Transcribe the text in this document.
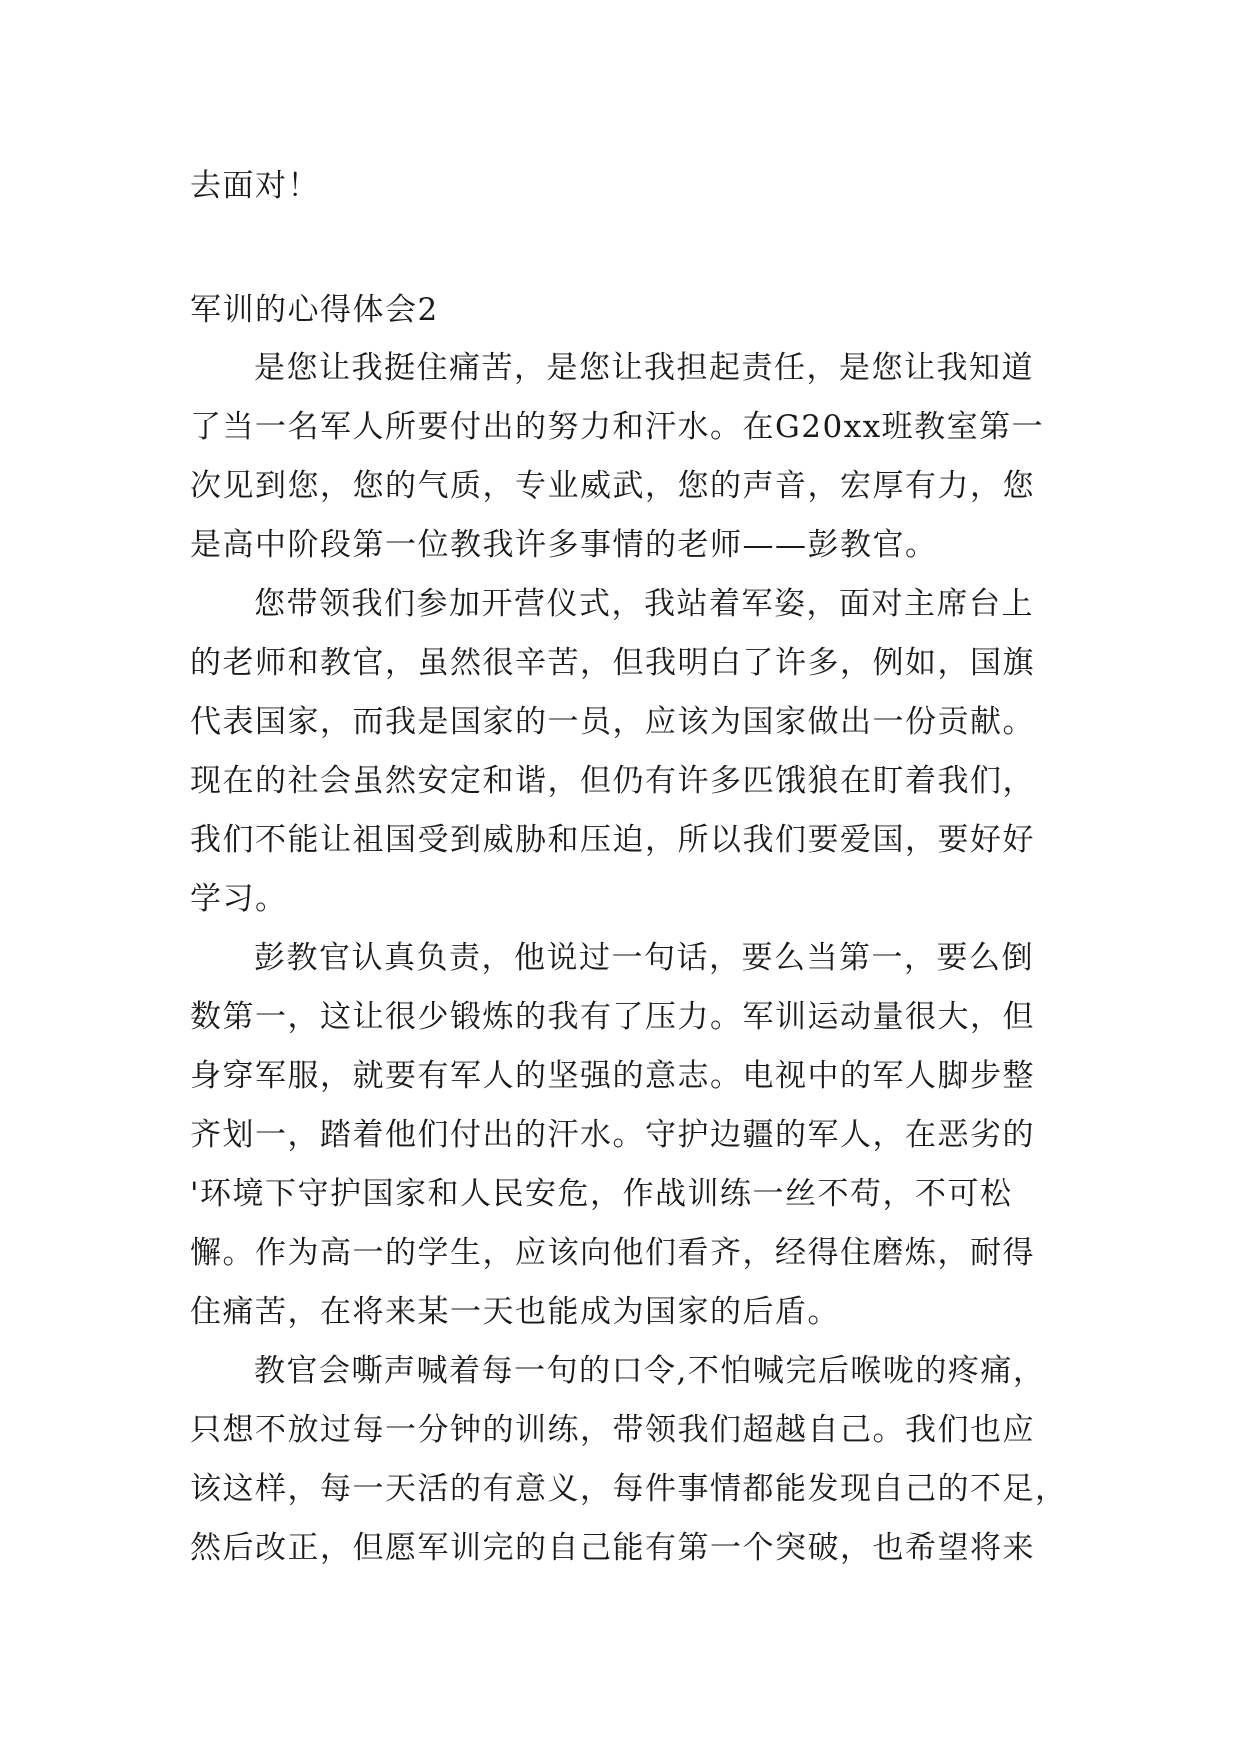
去面对！
军训的心得体会2
是您让我挺住痛苦，是您让我担起责任，是您让我知道
了当一名军人所要付出的努力和汗水。在G20xx班教室第一
次见到您，您的气质，专业威武，您的声音，宏厚有力，您
是高中阶段第一位教我许多事情的老师——彭教官。
您带领我们参加开营仪式，我站着军姿，面对主席台上
的老师和教官，虽然很辛苦，但我明白了许多，例如，国旗
代表国家，而我是国家的一员，应该为国家做出一份贡献。
现在的社会虽然安定和谐，但仍有许多匹饿狼在盯着我们，
我们不能让祖国受到威胁和压迫，所以我们要爱国，要好好
学习。
彭教官认真负责，他说过一句话，要么当第一，要么倒
数第一，这让很少锻炼的我有了压力。军训运动量很大，但
身穿军服，就要有军人的坚强的意志。电视中的军人脚步整
齐划一，踏着他们付出的汗水。守护边疆的军人，在恶劣的
'环境下守护国家和人民安危，作战训练一丝不苟，不可松
懈。作为高一的学生，应该向他们看齐，经得住磨炼，耐得
住痛苦，在将来某一天也能成为国家的后盾。
教官会嘶声喊着每一句的口令,不怕喊完后喉咙的疼痛，
只想不放过每一分钟的训练，带领我们超越自己。我们也应
该这样，每一天活的有意义，每件事情都能发现自己的不足，
然后改正，但愿军训完的自己能有第一个突破，也希望将来
